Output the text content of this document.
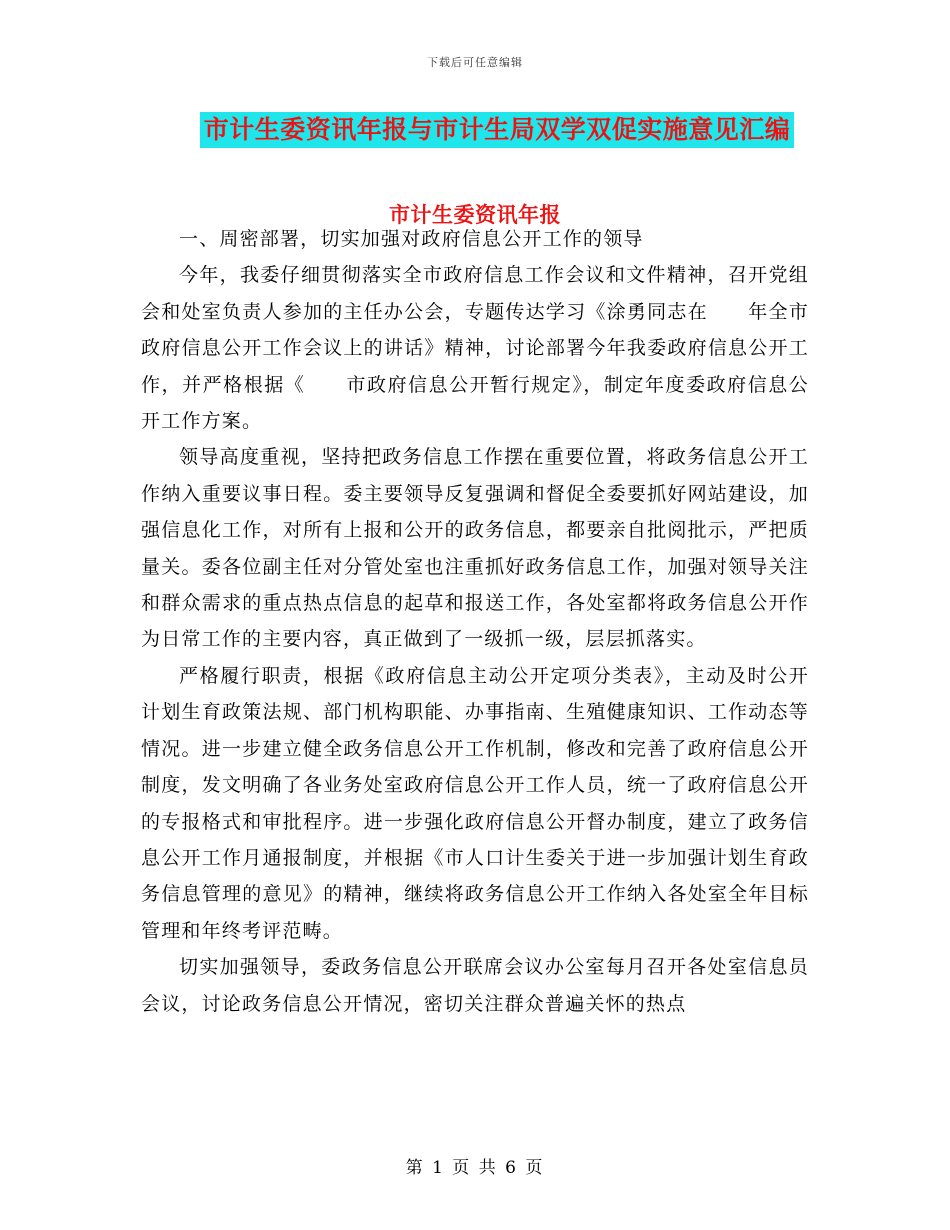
下载后可任意编辑
市计生委资讯年报与市计生局双学双促实施意见汇编
市计生委资讯年报

一、周密部署，切实加强对政府信息公开工作的领导

今年，我委仔细贯彻落实全市政府信息工作会议和文件精神，召开党组会和处室负责人参加的主任办公会，专题传达学习《涂勇同志在　　年全市政府信息公开工作会议上的讲话》精神，讨论部署今年我委政府信息公开工作，并严格根据《　　市政府信息公开暂行规定》，制定年度委政府信息公开工作方案。

领导高度重视，坚持把政务信息工作摆在重要位置，将政务信息公开工作纳入重要议事日程。委主要领导反复强调和督促全委要抓好网站建设，加强信息化工作，对所有上报和公开的政务信息，都要亲自批阅批示，严把质量关。委各位副主任对分管处室也注重抓好政务信息工作，加强对领导关注和群众需求的重点热点信息的起草和报送工作，各处室都将政务信息公开作为日常工作的主要内容，真正做到了一级抓一级，层层抓落实。

严格履行职责，根据《政府信息主动公开定项分类表》，主动及时公开计划生育政策法规、部门机构职能、办事指南、生殖健康知识、工作动态等情况。进一步建立健全政务信息公开工作机制，修改和完善了政府信息公开制度，发文明确了各业务处室政府信息公开工作人员，统一了政府信息公开的专报格式和审批程序。进一步强化政府信息公开督办制度，建立了政务信息公开工作月通报制度，并根据《市人口计生委关于进一步加强计划生育政务信息管理的意见》的精神，继续将政务信息公开工作纳入各处室全年目标管理和年终考评范畴。

切实加强领导，委政务信息公开联席会议办公室每月召开各处室信息员会议，讨论政务信息公开情况，密切关注群众普遍关怀的热点

第 1 页 共 6 页
